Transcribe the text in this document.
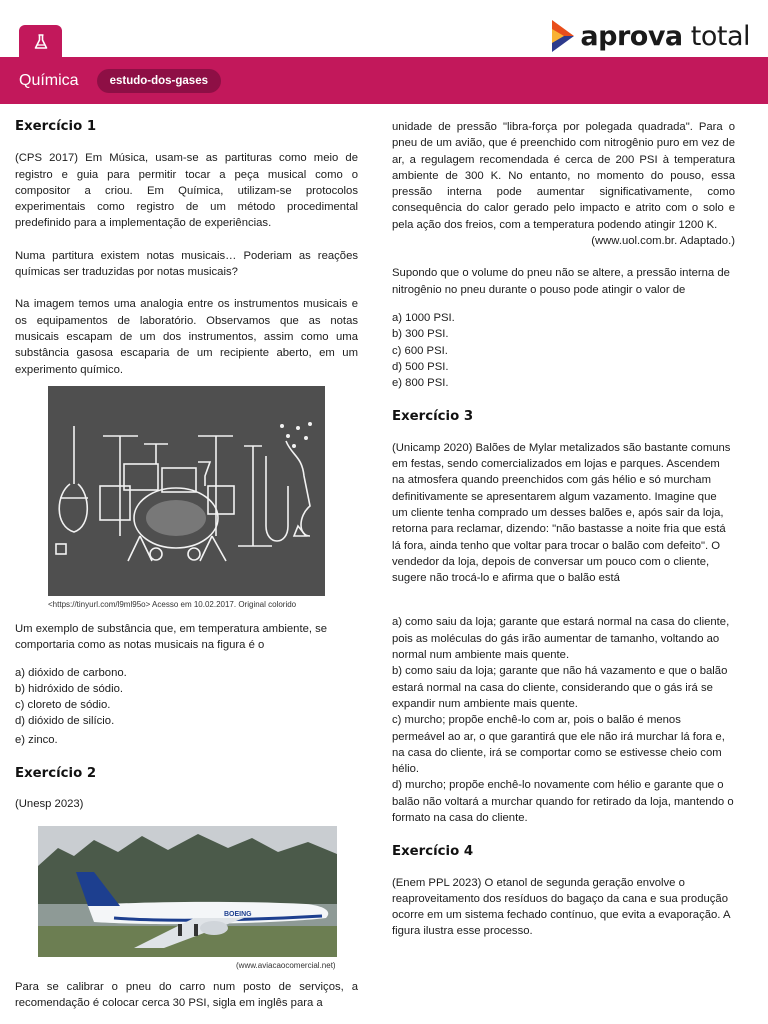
aprova total
Química	estudo-dos-gases
Exercício 1

(CPS 2017) Em Música, usam-se as partituras como meio de registro e guia para permitir tocar a peça musical como o compositor a criou. Em Química, utilizam-se protocolos experimentais como registro de um método procedimental predefinido para a implementação de experiências.

Numa partitura existem notas musicais… Poderiam as reações químicas ser traduzidas por notas musicais?

Na imagem temos uma analogia entre os instrumentos musicais e os equipamentos de laboratório. Observamos que as notas musicais escapam de um dos instrumentos, assim como uma substância gasosa escaparia de um recipiente aberto, em um experimento químico.

<https://tinyurl.com/l9ml95o> Acesso em 10.02.2017. Original colorido

Um exemplo de substância que, em temperatura ambiente, se comportaria como as notas musicais na figura é o

a) dióxido de carbono.
b) hidróxido de sódio.
c) cloreto de sódio.
d) dióxido de silício.
e) zinco.
Exercício 2

(Unesp 2023)

BOEING
(www.aviacaocomercial.net)

Para se calibrar o pneu do carro num posto de serviços, a recomendação é colocar cerca 30 PSI, sigla em inglês para a

unidade de pressão "libra-força por polegada quadrada". Para o pneu de um avião, que é preenchido com nitrogênio puro em vez de ar, a regulagem recomendada é cerca de 200 PSI à temperatura ambiente de 300 K. No entanto, no momento do pouso, essa pressão interna pode aumentar significativamente, como consequência do calor gerado pelo impacto e atrito com o solo e pela ação dos freios, com a temperatura podendo atingir 1200 K.

(www.uol.com.br. Adaptado.)

Supondo que o volume do pneu não se altere, a pressão interna de nitrogênio no pneu durante o pouso pode atingir o valor de

a) 1000 PSI.
b) 300 PSI.
c) 600 PSI.
d) 500 PSI.
e) 800 PSI.
Exercício 3

(Unicamp 2020) Balões de Mylar metalizados são bastante comuns em festas, sendo comercializados em lojas e parques. Ascendem na atmosfera quando preenchidos com gás hélio e só murcham definitivamente se apresentarem algum vazamento. Imagine que um cliente tenha comprado um desses balões e, após sair da loja, retorna para reclamar, dizendo: "não bastasse a noite fria que está lá fora, ainda tenho que voltar para trocar o balão com defeito". O vendedor da loja, depois de conversar um pouco com o cliente, sugere não trocá-lo e afirma que o balão está

a) como saiu da loja; garante que estará normal na casa do cliente, pois as moléculas do gás irão aumentar de tamanho, voltando ao normal num ambiente mais quente.
b) como saiu da loja; garante que não há vazamento e que o balão estará normal na casa do cliente, considerando que o gás irá se expandir num ambiente mais quente.
c) murcho; propõe enchê-lo com ar, pois o balão é menos permeável ao ar, o que garantirá que ele não irá murchar lá fora e, na casa do cliente, irá se comportar como se estivesse cheio com hélio.
d) murcho; propõe enchê-lo novamente com hélio e garante que o balão não voltará a murchar quando for retirado da loja, mantendo o formato na casa do cliente.
Exercício 4

(Enem PPL 2023) O etanol de segunda geração envolve o reaproveitamento dos resíduos do bagaço da cana e sua produção ocorre em um sistema fechado contínuo, que evita a evaporação. A figura ilustra esse processo.
